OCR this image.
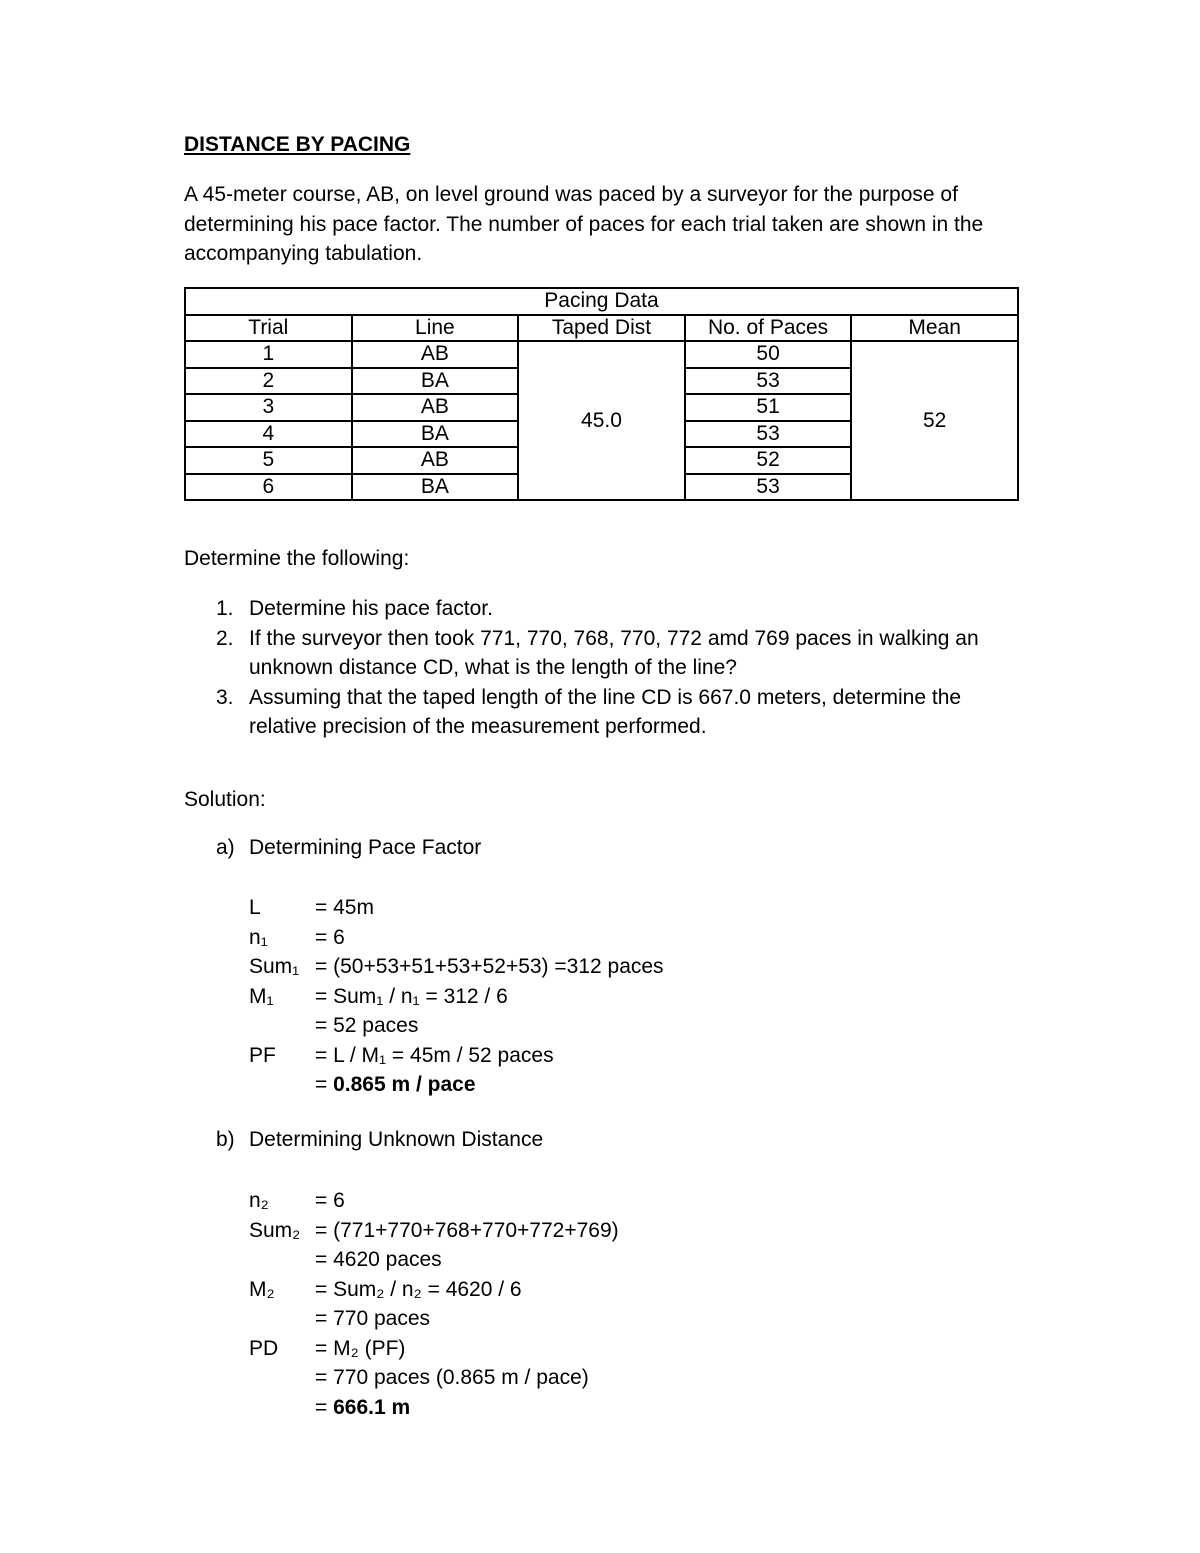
DISTANCE BY PACING

A 45-meter course, AB, on level ground was paced by a surveyor for the purpose of determining his pace factor. The number of paces for each trial taken are shown in the accompanying tabulation.

Pacing Data				
Trial	Line	Taped Dist	No. of Paces	Mean
1	AB	45.0	50	52
2	BA		53	
3	AB		51	
4	BA		53	
5	AB		52	
6	BA		53	
Determine the following:
1. Determine his pace factor.
2. If the surveyor then took 771, 770, 768, 770, 772 amd 769 paces in walking an unknown distance CD, what is the length of the line?
3. Assuming that the taped length of the line CD is 667.0 meters, determine the relative precision of the measurement performed.
Solution:
a) Determining Pace Factor
L	= 45m
n₁ = 6
Sum₁ = (50+53+51+53+52+53) =312 paces
M₁ = Sum₁ / n₁ = 312 / 6
= 52 paces
PF = L / M₁ = 45m / 52 paces
= 0.865 m / pace
b) Determining Unknown Distance
n₂ = 6
Sum₂ = (771+770+768+770+772+769)
= 4620 paces
M₂ = Sum₂ / n₂ = 4620 / 6
= 770 paces
PD = M₂ (PF)
= 770 paces (0.865 m / pace)
= 666.1 m
